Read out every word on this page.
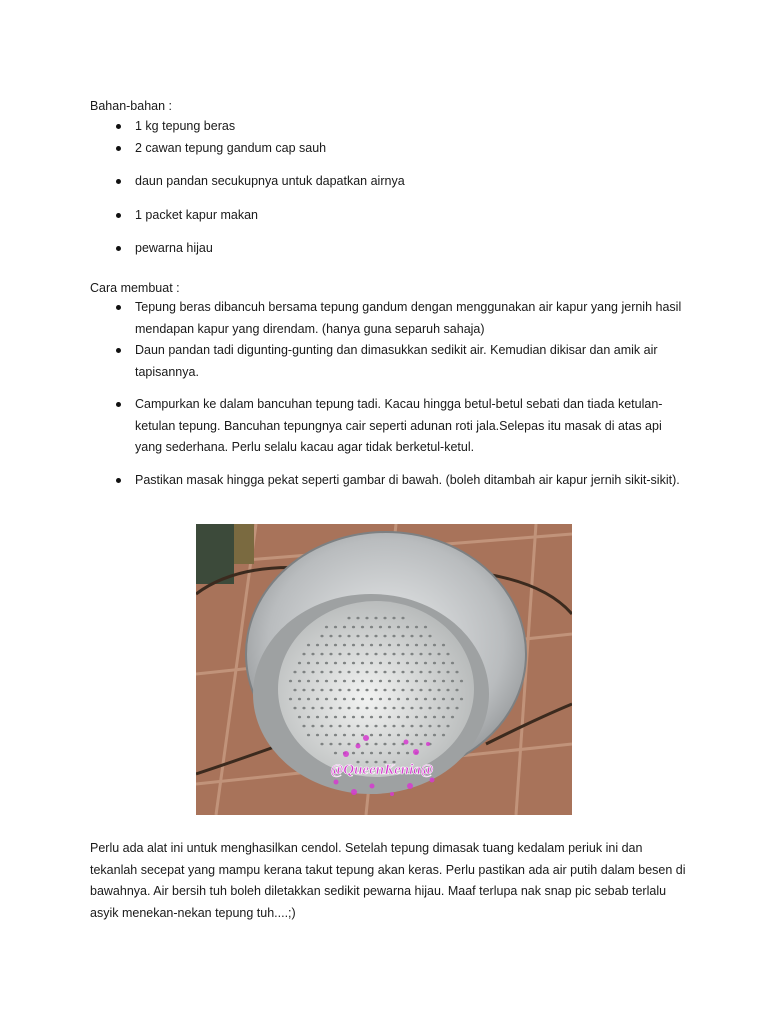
Bahan-bahan :

1 kg tepung beras
2 cawan tepung gandum cap sauh
daun pandan secukupnya untuk dapatkan airnya
1 packet kapur makan
pewarna hijau

Cara membuat :

Tepung beras dibancuh bersama tepung gandum dengan menggunakan air kapur yang jernih hasil mendapan kapur yang direndam. (hanya guna separuh sahaja)
Daun pandan tadi digunting-gunting dan dimasukkan sedikit air. Kemudian dikisar dan amik air tapisannya.
Campurkan ke dalam bancuhan tepung tadi. Kacau hingga betul-betul sebati dan tiada ketulan-ketulan tepung. Bancuhan tepungnya cair seperti adunan roti jala.Selepas itu masak di atas api yang sederhana. Perlu selalu kacau agar tidak berketul-ketul.
Pastikan masak hingga pekat seperti gambar di bawah. (boleh ditambah air kapur jernih sikit-sikit).
@QueenKenia@

Perlu ada alat ini untuk menghasilkan cendol. Setelah tepung dimasak tuang kedalam periuk ini dan tekanlah secepat yang mampu kerana takut tepung akan keras. Perlu pastikan ada air putih dalam besen di bawahnya. Air bersih tuh boleh diletakkan sedikit pewarna hijau. Maaf terlupa nak snap pic sebab terlalu asyik menekan-nekan tepung tuh....;)
